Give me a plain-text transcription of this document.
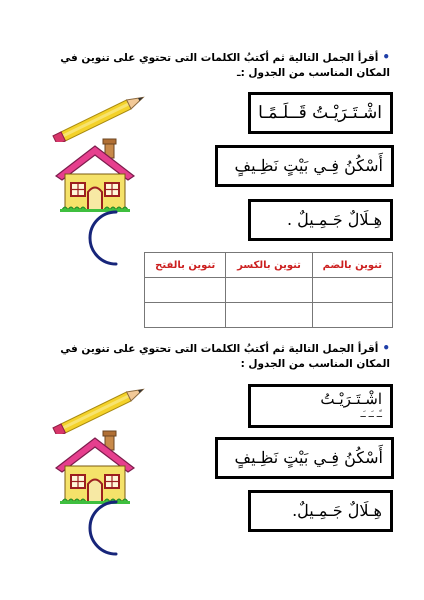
•أقرأ الجمل التالية ثم أكتبُ الكلمات التى تحتوي على تنوين في المكان المناسب من الجدول :ـ
اشْـتَـرَيْـتُ قَــلَـمًـا
أَسْكُنُ فِـي بَيْتٍ نَظِـيفٍ
هِـلَالٌ جَـمِـيلٌ .
تنوين بالضم	تنوين بالكسر	تنوين بالفتح

•أقرأ الجمل التالية ثم أكتبُ الكلمات التى تحتوي على تنوين في المكان المناسب من الجدول :
اشْـتَـرَيْـتُ
ـًـ ـَـ ـَـ
أَسْكُنُ فِـي بَيْتٍ نَظِـيفٍ
هِـلَالٌ جَـمِـيلٌ.
